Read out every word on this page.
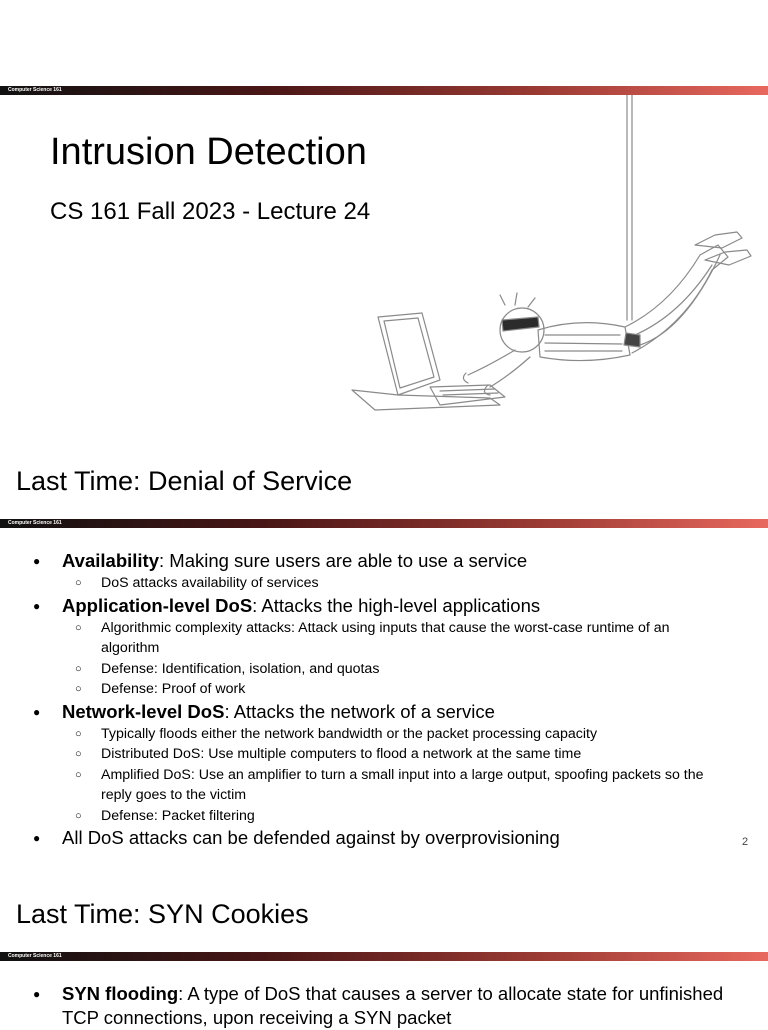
Computer Science 161
Intrusion Detection
CS 161 Fall 2023 - Lecture 24
Last Time: Denial of Service
Computer Science 161
● Availability: Making sure users are able to use a service
○ DoS attacks availability of services
● Application-level DoS: Attacks the high-level applications
○ Algorithmic complexity attacks: Attack using inputs that cause the worst-case runtime of an algorithm
○ Defense: Identification, isolation, and quotas
○ Defense: Proof of work
● Network-level DoS: Attacks the network of a service
○ Typically floods either the network bandwidth or the packet processing capacity
○ Distributed DoS: Use multiple computers to flood a network at the same time
○ Amplified DoS: Use an amplifier to turn a small input into a large output, spoofing packets so the reply goes to the victim
○ Defense: Packet filtering
● All DoS attacks can be defended against by overprovisioning	2
Last Time: SYN Cookies
Computer Science 161
● SYN flooding: A type of DoS that causes a server to allocate state for unfinished TCP connections, upon receiving a SYN packet
